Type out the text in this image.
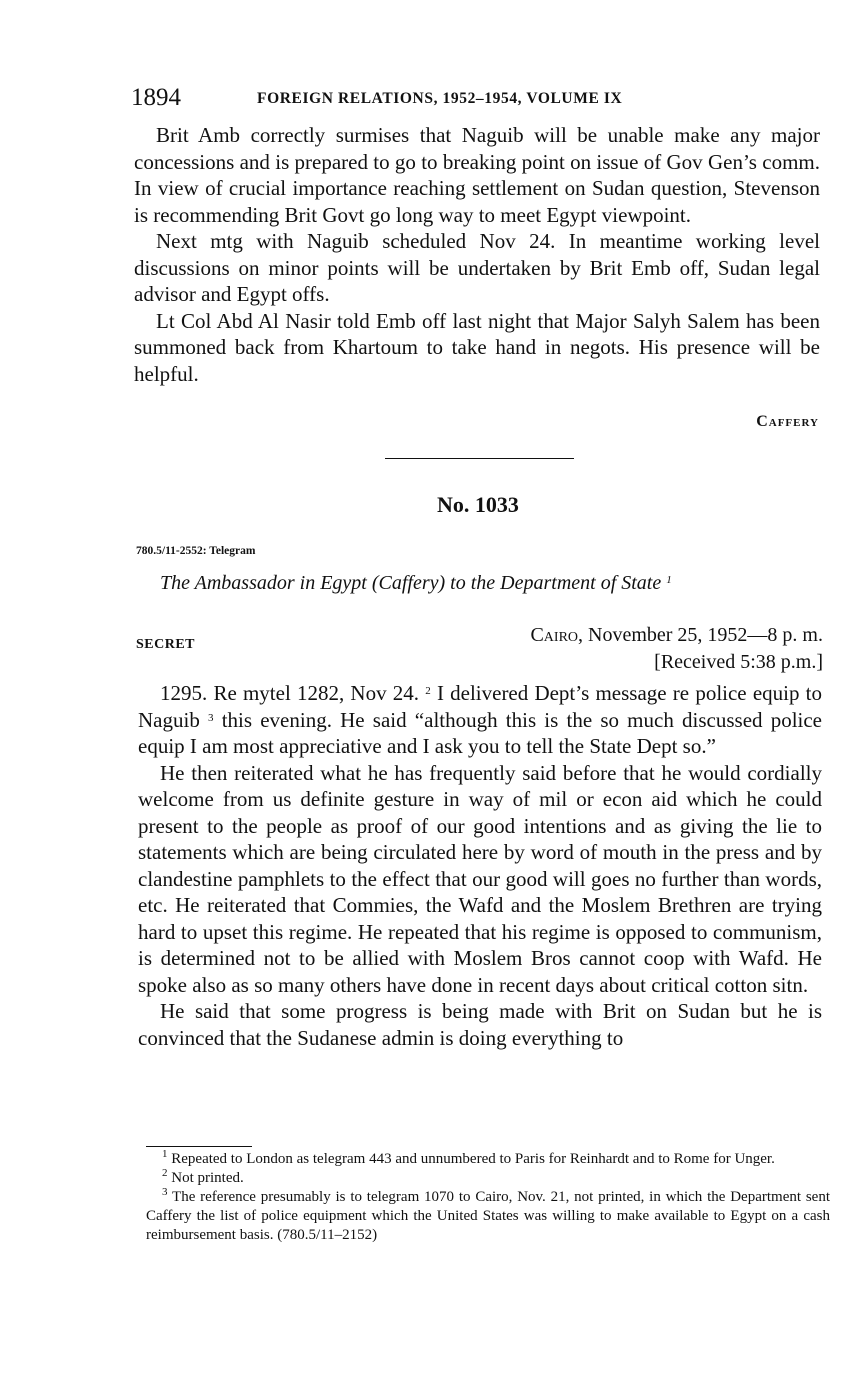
1894	FOREIGN RELATIONS, 1952–1954, VOLUME IX

Brit Amb correctly surmises that Naguib will be unable make any major concessions and is prepared to go to breaking point on issue of Gov Gen’s comm. In view of crucial importance reaching settlement on Sudan question, Stevenson is recommending Brit Govt go long way to meet Egypt viewpoint.

Next mtg with Naguib scheduled Nov 24. In meantime working level discussions on minor points will be undertaken by Brit Emb off, Sudan legal advisor and Egypt offs.

Lt Col Abd Al Nasir told Emb off last night that Major Salyh Salem has been summoned back from Khartoum to take hand in negots. His presence will be helpful.

Caffery
No. 1033
780.5/11-2552: Telegram
The Ambassador in Egypt (Caffery) to the Department of State $^1$
SECRET	Cairo, November 25, 1952—8 p. m.
[Received 5:38 p.m.]

1295. Re mytel 1282, Nov 24. $^2$ I delivered Dept’s message re police equip to Naguib $^3$ this evening. He said “although this is the so much discussed police equip I am most appreciative and I ask you to tell the State Dept so.”

He then reiterated what he has frequently said before that he would cordially welcome from us definite gesture in way of mil or econ aid which he could present to the people as proof of our good intentions and as giving the lie to statements which are being circulated here by word of mouth in the press and by clandestine pamphlets to the effect that our good will goes no further than words, etc. He reiterated that Commies, the Wafd and the Moslem Brethren are trying hard to upset this regime. He repeated that his regime is opposed to communism, is determined not to be allied with Moslem Bros cannot coop with Wafd. He spoke also as so many others have done in recent days about critical cotton sitn.

He said that some progress is being made with Brit on Sudan but he is convinced that the Sudanese admin is doing everything to

$^1$ Repeated to London as telegram 443 and unnumbered to Paris for Reinhardt and to Rome for Unger.

$^2$ Not printed.

$^3$ The reference presumably is to telegram 1070 to Cairo, Nov. 21, not printed, in which the Department sent Caffery the list of police equipment which the United States was willing to make available to Egypt on a cash reimbursement basis. (780.5/11–2152)
